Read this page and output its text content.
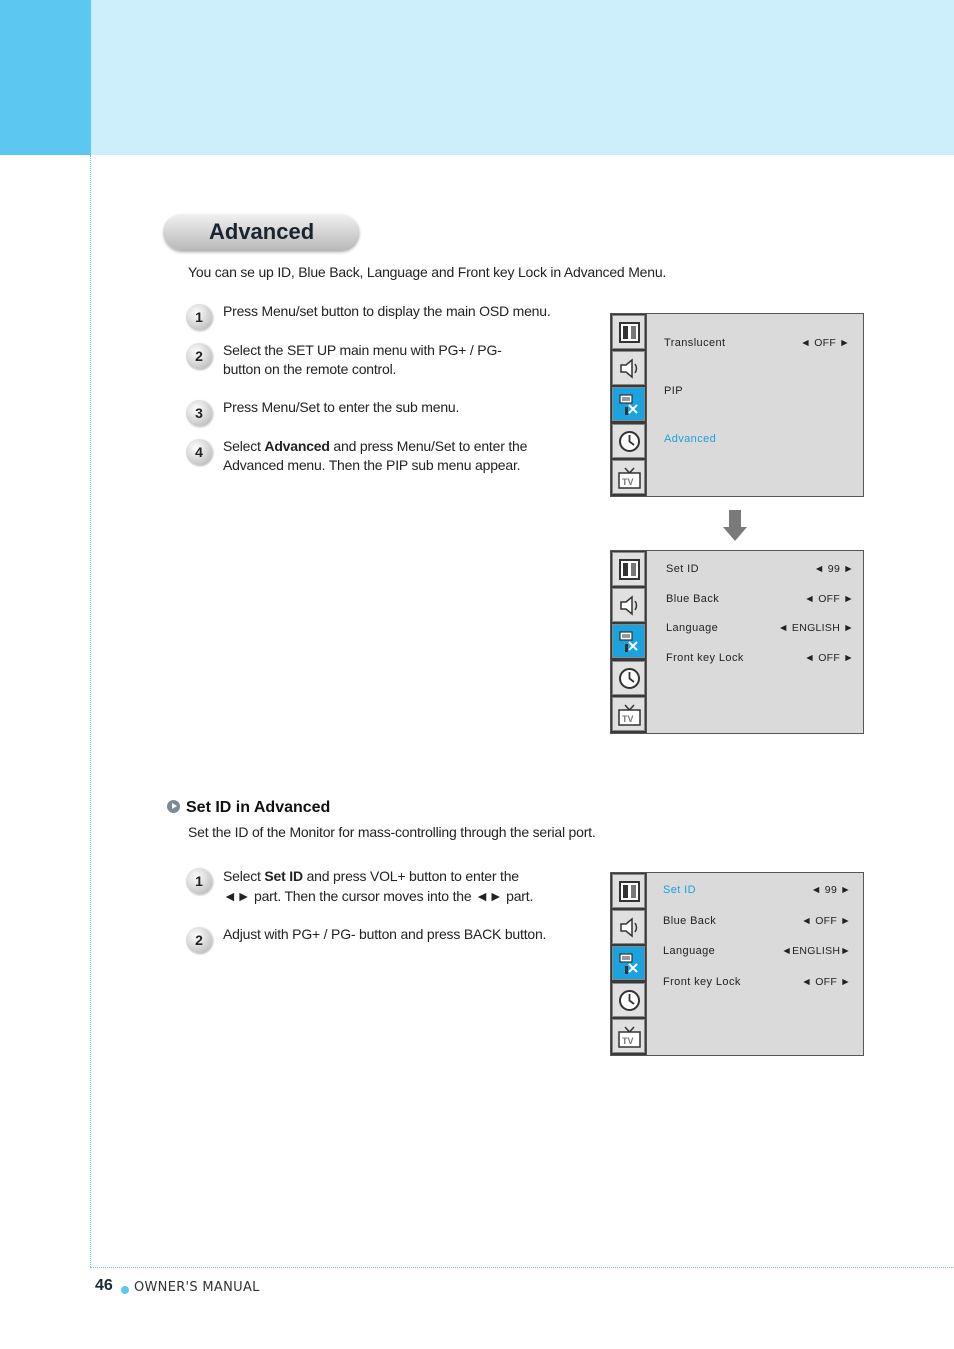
Advanced
You can se up ID, Blue Back, Language and Front key Lock in Advanced Menu.
1	Press Menu/set button to display the main OSD menu.
2	Select the SET UP main menu with PG+ / PG-
button on the remote control.
3	Press Menu/Set to enter the sub menu.
4	Select Advanced and press Menu/Set to enter the
Advanced menu. Then the PIP sub menu appear.
TV
Translucent	◄ OFF ►
PIP
Advanced
TV
Set ID	◄ 99 ►
Blue Back	◄ OFF ►
Language	◄ ENGLISH ►
Front key Lock	◄ OFF ►
Set ID in Advanced
Set the ID of the Monitor for mass-controlling through the serial port.
1	Select Set ID and press VOL+ button to enter the
◄► part. Then the cursor moves into the ◄► part.
2	Adjust with PG+ / PG- button and press BACK button.
TV
Set ID	◄ 99 ►
Blue Back	◄ OFF ►
Language	◄ENGLISH►
Front key Lock	◄ OFF ►
46 OWNER'S MANUAL
